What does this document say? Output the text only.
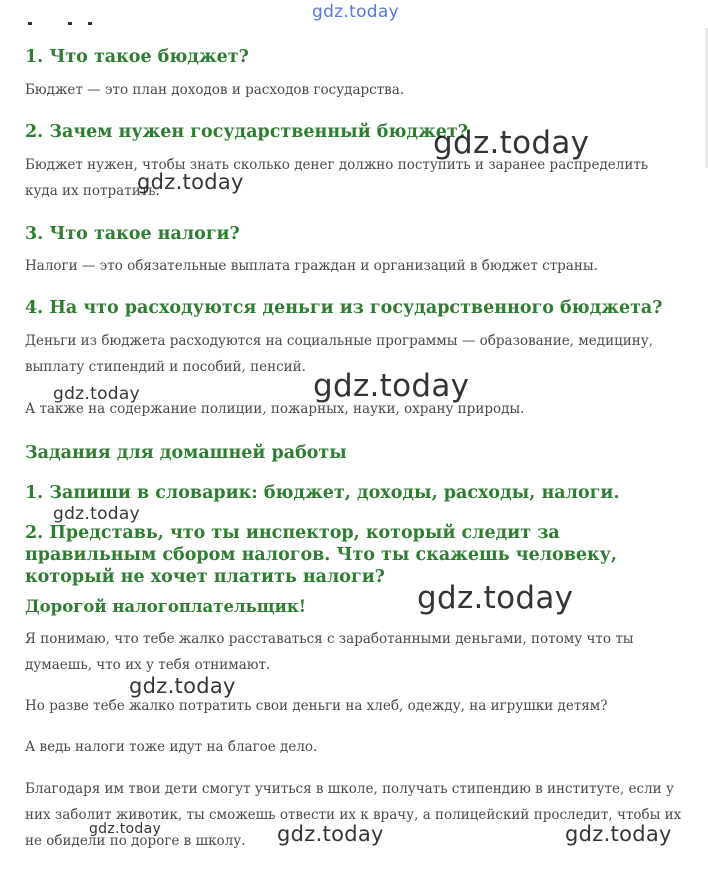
1. Что такое бюджет?

Бюджет — это план доходов и расходов государства.

2. Зачем нужен государственный бюджет?

Бюджет нужен, чтобы знать сколько денег должно поступить и заранее распределить куда их потратить.

3. Что такое налоги?

Налоги — это обязательные выплата граждан и организаций в бюджет страны.

4. На что расходуются деньги из государственного бюджета?

Деньги из бюджета расходуются на социальные программы — образование, медицину, выплату стипендий и пособий, пенсий.

А также на содержание полиции, пожарных, науки, охрану природы.

Задания для домашней работы
1. Запиши в словарик: бюджет, доходы, расходы, налоги.
2. Представь, что ты инспектор, который следит за правильным сбором налогов. Что ты скажешь человеку, который не хочет платить налоги?
Дорогой налогоплательщик!

Я понимаю, что тебе жалко расставаться с заработанными деньгами, потому что ты думаешь, что их у тебя отнимают.

Но разве тебе жалко потратить свои деньги на хлеб, одежду, на игрушки детям?

А ведь налоги тоже идут на благое дело.

Благодаря им твои дети смогут учиться в школе, получать стипендию в институте, если у них заболит животик, ты сможешь отвести их к врачу, а полицейский проследит, чтобы их не обидели по дороге в школу.

gdz.today
gdz.today
gdz.today
gdz.today	gdz.today
gdz.today
gdz.today
gdz.today
gdz.today	gdz.today	gdz.today
